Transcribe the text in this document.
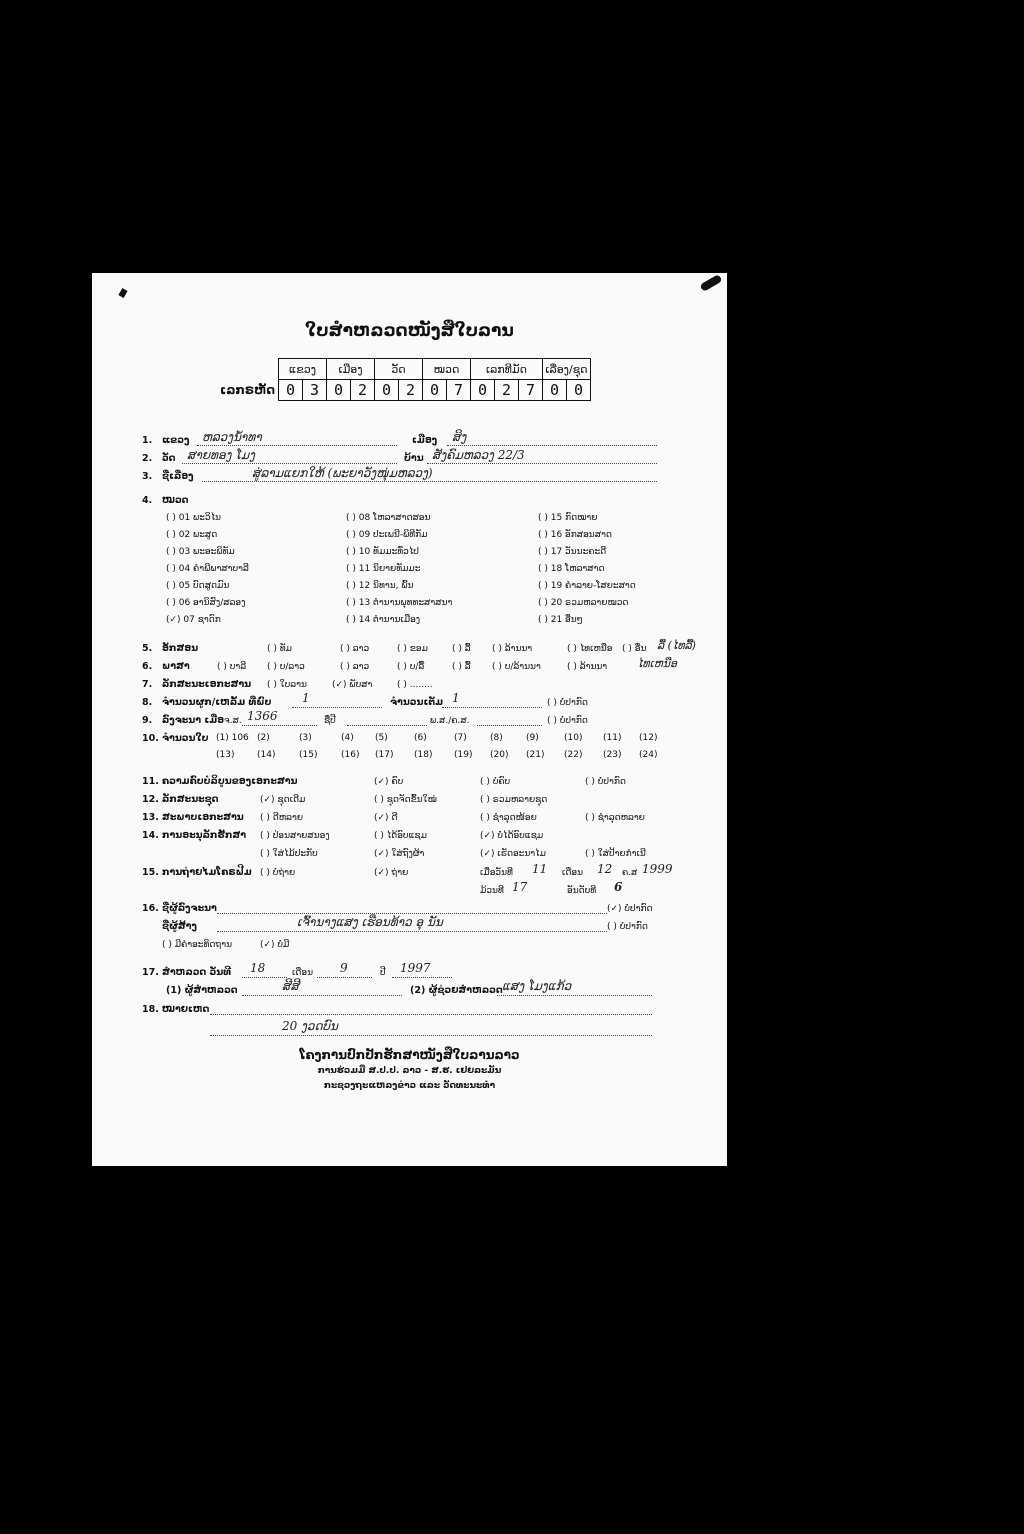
ໃບສຳຫລວດໜັງສືໃບລານ
ເລກຣຫັດ
ແຂວງ		ເມືອງ		ວັດ		ໝວດ		ເລກທີມັດ			ເລື່ອງ/ຊຸດ	
0	3	0	2	0	2	0	7	0	2	7	0	0
1. ແຂວງ ຫລວງນ້ຳທາ	ເມືອງ ສິງ
2. ວັດ ສາຍທອງ ໂມງ	ບ້ານ ສັງຄົມຫລວງ 22/3
3. ຊື່ເລື່ອງ	ສູ່ລາມແຍກໃຫ້ (ພະຍາວັງໜຸ່ມຫລວງ)
4. ໝວດ
( ) 01 ພະວິໄນ	( ) 08 ໂຫລາສາດສອນ	( ) 15 ກົດໝາຍ
( ) 02 ພະສູດ	( ) 09 ປະເພນີ-ພິທີກັມ	( ) 16 ອັກສອນສາດ
( ) 03 ພະອະພິທັມ	( ) 10 ທັມມະທົ່ວໄປ	( ) 17 ວັນນະຄະດີ
( ) 04 ຄຳພີພາສາບາລີ	( ) 11 ນິຍາຍທັມມະ	( ) 18 ໂຫລາສາດ
( ) 05 ບົດສູດມົນ	( ) 12 ນິທານ, ພົ້ນ	( ) 19 ຄຳລາຍ-ໂສຍະສາດ
( ) 06 ອານິສົງ/ສລອງ	( ) 13 ຕຳນານພຸທທະສາສນາ	( ) 20 ຣວມຫລາຍໝວດ
(✓) 07 ຊາດົກ	( ) 14 ຕຳນານເມືອງ	( ) 21 ອື່ນໆ
5. ອັກສອນ	( ) ທັມ	( ) ລາວ	( ) ຂອມ	( ) ລື້ ( ) ລ້ານນາ	( ) ໄທເຫນືອ ( ) ອື່ນ ລື້ (ໄທລື້)
6. ພາສາ	( ) ບາລີ ( ) ບ/ລາວ	( ) ລາວ	( ) ບ/ລື້	( ) ລື້ ( ) ບ/ລ້ານນາ	( ) ລ້ານນາ	ໄທເຫນືອ
7. ລັກສະນະເອກະສານ ( ) ໃບລານ	(✓) ພັບສາ	( ) ........
8. ຈຳນວນຜູກ/ເຫລັ້ມ ທີ່ພົບ	1	ຈຳນວນເຕັມ 1	( ) ບໍ່ປາກົດ
9. ລົງຈະນາ ເມື່ອ ຈ.ສ. 1366	ຊື່ປີ	ພ.ສ./ຄ.ສ.	( ) ບໍ່ປາກົດ
10. ຈຳນວນໃບ (1) 106 (2)	(3)	(4) (5)	(6)	(7)	(8)	(9)	(10) (11) (12)
(13)	(14)	(15)	(16) (17) (18) (19) (20) (21) (22) (23) (24)
11. ຄວາມຄົບບໍລິບູນຂອງເອກະສານ	(✓) ຄົບ	( ) ບໍ່ຄົບ	( ) ບໍ່ປາກົດ
12. ລັກສະນະຊຸດ	(✓) ຊຸດເດີມ	( ) ຊຸດຈັດຂຶ້ນໃໝ່	( ) ຣວມຫລາຍຊຸດ
13. ສະພາບເອກະສານ ( ) ດີຫລາຍ	(✓) ດີ	( ) ຊຳລຸດໜ້ອຍ	( ) ຊຳລຸດຫລາຍ
14. ການອະນຸລັກຮັກສາ ( ) ປ່ອນສາຍສນອງ	( ) ໄດ້ອົບແຊມ	(✓) ບໍ່ໄດ້ອົບແຊມ
( ) ໃສ່ໄມ້ປະກັບ	(✓) ໃສ່ຖົງຜ້າ	(✓) ເຮັດອະນາໄມ	( ) ໃສ່ປ້າຍກຳເນີ
15. ການຖ່າຍໄມໂຄຣຟີມ ( ) ບໍ່ຖ່າຍ	(✓) ຖ່າຍ	ເມື່ອວັນທີ 11 ເດືອນ 12 ຄ.ສ 1999
ມ້ວນທີ 17	ອັນດັບທີ 6
16. ຊື່ຜູ້ລົງຈະນາ	(✓) ບໍ່ປາກົດ
ຊື່ຜູ້ສ້າງ	ເຈົ້ານາງແສງ ເຮືອນທ້າວ ອຸ ນັນ	( ) ບໍ່ປາກົດ
( ) ມີຄຳອະທິດຖານ	(✓) ບໍ່ມີ
17. ສຳຫລວດ ວັນທີ 18	ເດືອນ 9	ປີ 1997
(1) ຜູ້ສຳຫລວດ	ສີສີ	(2) ຜູ້ຊ່ວຍສຳຫລວດ ແສງ ໂມງແກ້ວ
18. ໝາຍເຫດ
20 ງວດບົນ
ໂຄງການປົກປັກຮັກສາໜັງສືໃບລານລາວ
ການຮ່ວມມື ສ.ປ.ປ. ລາວ - ສ.ຮ. ເຢຍລະມັນ
ກະຊວງຖະແຫລງຂ່າວ ແລະ ວັດທະນະທຳ
